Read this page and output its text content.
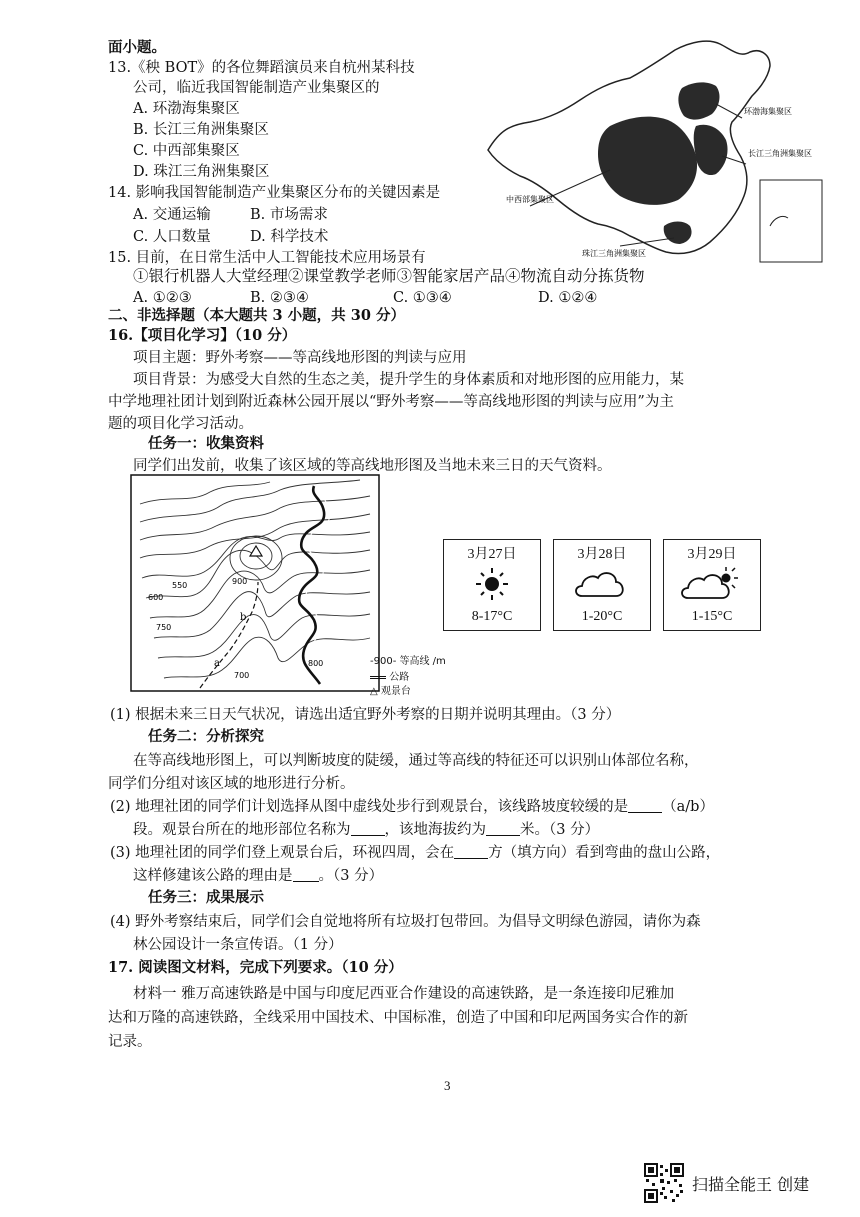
面小题。
13.《秧 BOT》的各位舞蹈演员来自杭州某科技
公司，临近我国智能制造产业集聚区的
A. 环渤海集聚区
B. 长江三角洲集聚区
C. 中西部集聚区
D. 珠江三角洲集聚区
14. 影响我国智能制造产业集聚区分布的关键因素是
A. 交通运输	B. 市场需求
C. 人口数量	D. 科学技术
15. 目前，在日常生活中人工智能技术应用场景有
①银行机器人大堂经理②课堂教学老师③智能家居产品④物流自动分拣货物
A. ①②③	B. ②③④	C. ①③④	D. ①②④
环渤海集聚区
长江三角洲集聚区
中西部集聚区
珠江三角洲集聚区
二、非选择题（本大题共 3 小题，共 30 分）
16.【项目化学习】（10 分）
项目主题：野外考察——等高线地形图的判读与应用
项目背景：为感受大自然的生态之美，提升学生的身体素质和对地形图的应用能力，某
中学地理社团计划到附近森林公园开展以“野外考察——等高线地形图的判读与应用”为主
题的项目化学习活动。
任务一：收集资料
同学们出发前，收集了该区域的等高线地形图及当地未来三日的天气资料。
550
600
750
900
700
800
a
b
-900- 等高线 /m
公路
△ 观景台
3月27日
8-17°C
3月28日
1-20°C
3月29日
1-15°C
(1) 根据未来三日天气状况，请选出适宜野外考察的日期并说明其理由。（3 分）
任务二：分析探究
在等高线地形图上，可以判断坡度的陡缓，通过等高线的特征还可以识别山体部位名称，
同学们分组对该区域的地形进行分析。
(2) 地理社团的同学们计划选择从图中虚线处步行到观景台，该线路坡度较缓的是 （a/b）
段。观景台所在的地形部位名称为 ，该地海拔约为 米。（3 分）
(3) 地理社团的同学们登上观景台后，环视四周，会在 方（填方向）看到弯曲的盘山公路，
这样修建该公路的理由是 。（3 分）
任务三：成果展示
(4) 野外考察结束后，同学们会自觉地将所有垃圾打包带回。为倡导文明绿色游园，请你为森
林公园设计一条宣传语。（1 分）
17. 阅读图文材料，完成下列要求。（10 分）
材料一 雅万高速铁路是中国与印度尼西亚合作建设的高速铁路，是一条连接印尼雅加
达和万隆的高速铁路，全线采用中国技术、中国标准，创造了中国和印尼两国务实合作的新
记录。
3
扫描全能王 创建
